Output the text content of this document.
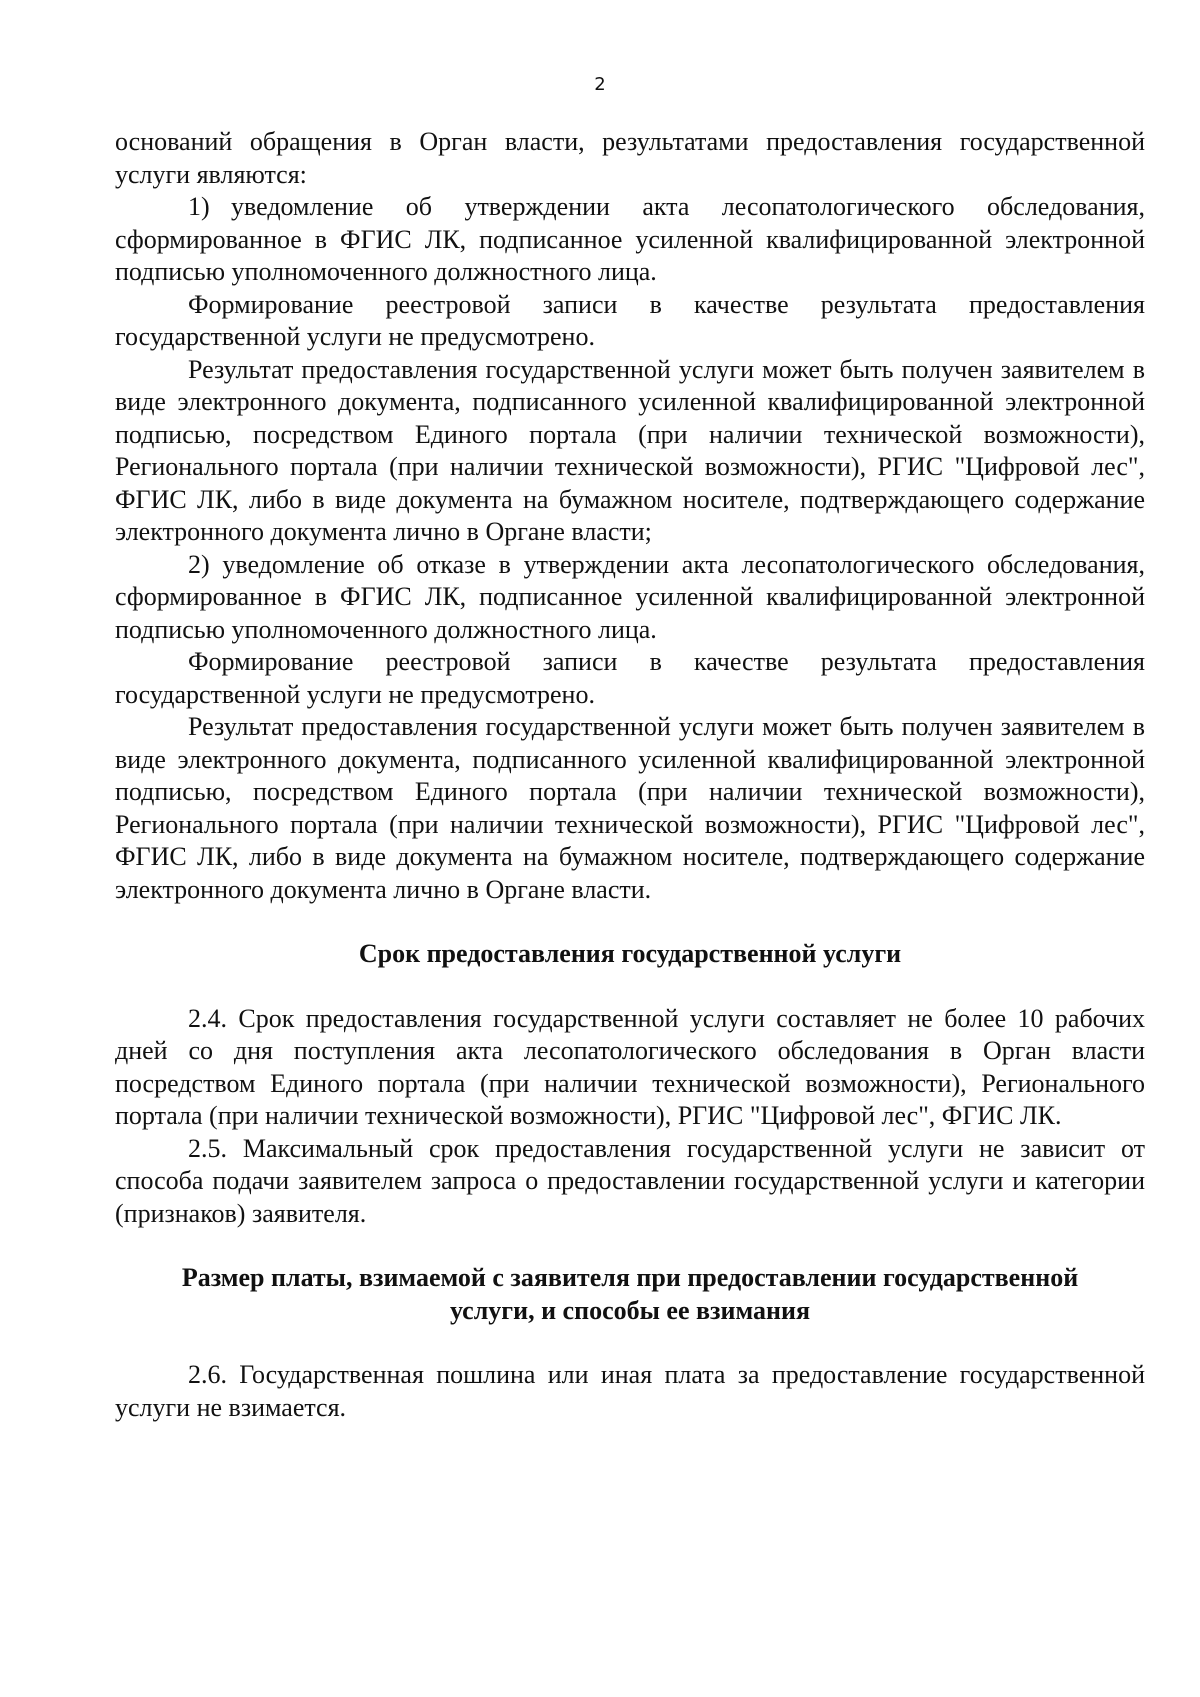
2

оснований обращения в Орган власти, результатами предоставления государственной услуги являются:

1) уведомление об утверждении акта лесопатологического обследования, сформированное в ФГИС ЛК, подписанное усиленной квалифицированной электронной подписью уполномоченного должностного лица.

Формирование реестровой записи в качестве результата предоставления государственной услуги не предусмотрено.

Результат предоставления государственной услуги может быть получен заявителем в виде электронного документа, подписанного усиленной квалифицированной электронной подписью, посредством Единого портала (при наличии технической возможности), Регионального портала (при наличии технической возможности), РГИС "Цифровой лес", ФГИС ЛК, либо в виде документа на бумажном носителе, подтверждающего содержание электронного документа лично в Органе власти;

2) уведомление об отказе в утверждении акта лесопатологического обследования, сформированное в ФГИС ЛК, подписанное усиленной квалифицированной электронной подписью уполномоченного должностного лица.

Формирование реестровой записи в качестве результата предоставления государственной услуги не предусмотрено.

Результат предоставления государственной услуги может быть получен заявителем в виде электронного документа, подписанного усиленной квалифицированной электронной подписью, посредством Единого портала (при наличии технической возможности), Регионального портала (при наличии технической возможности), РГИС "Цифровой лес", ФГИС ЛК, либо в виде документа на бумажном носителе, подтверждающего содержание электронного документа лично в Органе власти.

Срок предоставления государственной услуги

2.4. Срок предоставления государственной услуги составляет не более 10 рабочих дней со дня поступления акта лесопатологического обследования в Орган власти посредством Единого портала (при наличии технической возможности), Регионального портала (при наличии технической возможности), РГИС "Цифровой лес", ФГИС ЛК.

2.5. Максимальный срок предоставления государственной услуги не зависит от способа подачи заявителем запроса о предоставлении государственной услуги и категории (признаков) заявителя.

Размер платы, взимаемой с заявителя при предоставлении государственной
услуги, и способы ее взимания

2.6. Государственная пошлина или иная плата за предоставление государственной услуги не взимается.
